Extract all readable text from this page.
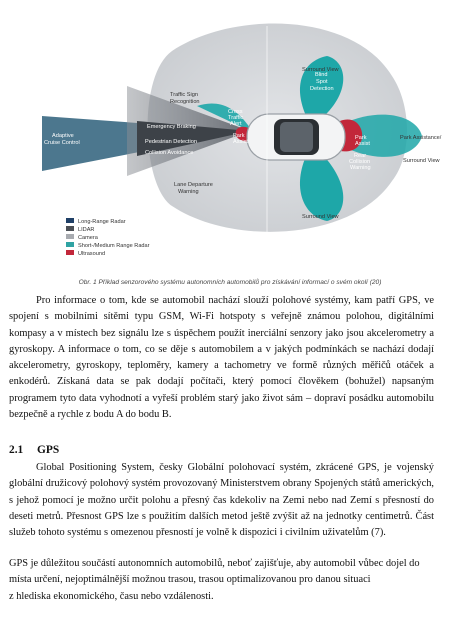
Adaptive
Cruise Control
Emergency Braking
Pedestrian Detection
Collision Avoidance
Cross
Traffic
Alert
Park
Assist
Blind
Spot
Detection
Park
Assist
Rear
Collision
Warning
Traffic Sign
Recognition
Lane Departure
Warning
Surround View
Surround View
Park Assistance/
Surround View
Long-Range Radar
LIDAR
Camera
Short-/Medium Range Radar
Ultrasound
Obr. 1 Příklad senzorového systému autonomních automobilů pro získávání informací o svém okolí (20)

Pro informace o tom, kde se automobil nachází slouží polohové systémy, kam patří GPS, ve spojení s mobilními sítěmi typu GSM, Wi-Fi hotspoty s veřejně známou polohou, digitálními kompasy a v místech bez signálu lze s úspěchem použít inerciální senzory jako jsou akcelerometry a gyroskopy. A informace o tom, co se děje s automobilem a v jakých podmínkách se nachází dodají akcelerometry, gyroskopy, teploměry, kamery a tachometry ve formě různých měřičů otáček a enkodérů. Získaná data se pak dodají počítači, který pomocí člověkem (bohužel) napsaným programem tyto data vyhodnotí a vyřeší problém starý jako život sám – dopraví posádku automobilu bezpečně a rychle z bodu A do bodu B.

2.1 GPS

Global Positioning System, česky Globální polohovací systém, zkrácené GPS, je vojenský globální družicový polohový systém provozovaný Ministerstvem obrany Spojených států amerických, s jehož pomocí je možno určit polohu a přesný čas kdekoliv na Zemi nebo nad Zemí s přesností do deseti metrů. Přesnost GPS lze s použitím dalších metod ještě zvýšit až na jednotky centimetrů. Část služeb tohoto systému s omezenou přesností je volně k dispozici i civilním uživatelům (7).

GPS je důležitou součástí autonomních automobilů, neboť zajišťuje, aby automobil vůbec dojel do místa určení, nejoptimálnější možnou trasou, trasou optimalizovanou pro danou situaci
z hlediska ekonomického, času nebo vzdálenosti.
